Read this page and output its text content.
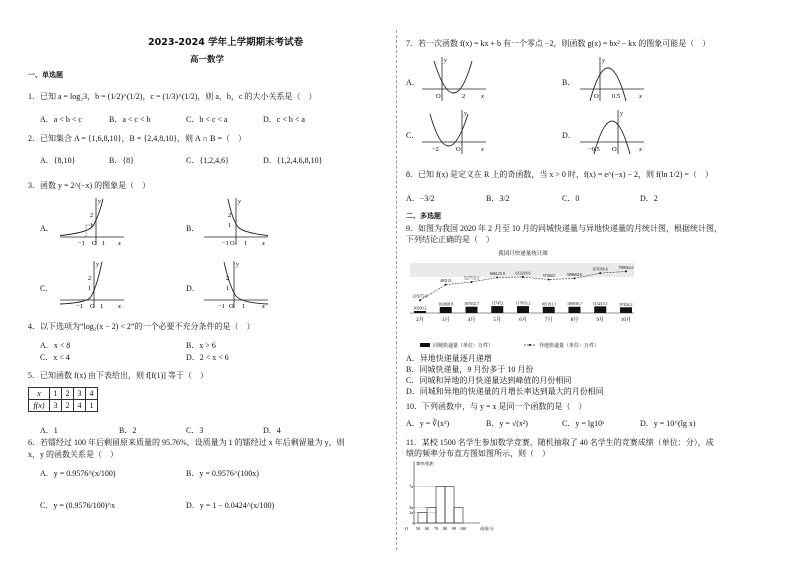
2023-2024 学年上学期期末考试卷
高一数学
一、单选题
1．已知 a = log₂3，b = (1/2)^(1/2)，c = (1/3)^(1/2)，则 a，b，c 的大小关系是（　）
A．a < b < c	B．a < c < b	C．b < c < a	D．c < b < a
2．已知集合 A = {1,6,8,10}，B = {2,4,8,10}，则 A ∩ B =（　）
A．{8,10}	B．{8}	C．{1,2,4,6}	D．{1,2,4,6,8,10}
3．函数 y = 2^(−x) 的图象是（　）
A．	B．
C．	D．
2
1
−1 O 1 x
y
2
1
−1 O 1 x
y
2
1
−1 O 1 x
y
2
1
−1 O 1	x
y
4．以下选项为“log₂(x − 2) < 2”的一个必要不充分条件的是（　）
A．x < 8	B．x > 6
C．x < 4	D．2 < x < 6
5．已知函数 f(x) 由下表给出，则 f[f(1)] 等于（　）
x	1	2	3	4
f(x)	3	2	4	1
A．1	B．2	C．3	D．4
6．若镭经过 100 年后剩留原来质量的 95.76%，设质量为 1 的镭经过 x 年后剩留量为 y，则
x，y 的函数关系是（　）
A．y = 0.9576^(x/100)	B．y = 0.9576^(100x)
C．y = (0.9576/100)^x	D．y = 1 − 0.0424^(x/100)
7．若一次函数 f(x) = kx + b 有一个零点 −2，则函数 g(x) = bx² − kx 的图象可能是（　）
A．	B．
C．	D．
O	2 x
y
O 0.5	x
y
−2	O	x
y
−0.5 O	x
y
8．已知 f(x) 是定义在 R 上的奇函数，当 x > 0 时，f(x) = e^(−x) − 2，则 f(ln 1/2) =（　）
A．−3/2	B．3/2	C．0	D．2
二、多选题
9．如图为我国 2020 年 2 月至 10 月的同城快递量与异地快递量的月统计图，根据统计图，
下列结论正确的是（　）
我国月快递量统计图
218273.8
30260.2
2月
483121
102068.8
3月
527715.3
107652.7
4月
606125.9
117452
5月
613218.6
117853.2
6月
572022
105191.1
7月
589604.6
106930.7
8月
679356.6
113213.1
9月
708942.6
97454.2
10月
同城快递量（单位：万件）	异地快递量（单位：万件）
A．异地快递量逐月递增
B．同城快递量，9 月份多于 10 月份
C．同城和异地的月快递量达到峰值的月份相同
D．同城和异地的快递量的月增长率达到最大的月份相同
10．下列函数中，与 y = x 是同一个函数的是（　）
A．y = ∛(x³)	B．y = √(x²)	C．y = lg10ˣ	D．y = 10^(lg x)
11．某校 1500 名学生参加数学竞赛，随机抽取了 40 名学生的竞赛成绩（单位：分），成
绩的频率分布直方图如图所示，则（　）
频率/组距
成绩/分
O 50 60 70 80 90 100
7a
3a
2a
